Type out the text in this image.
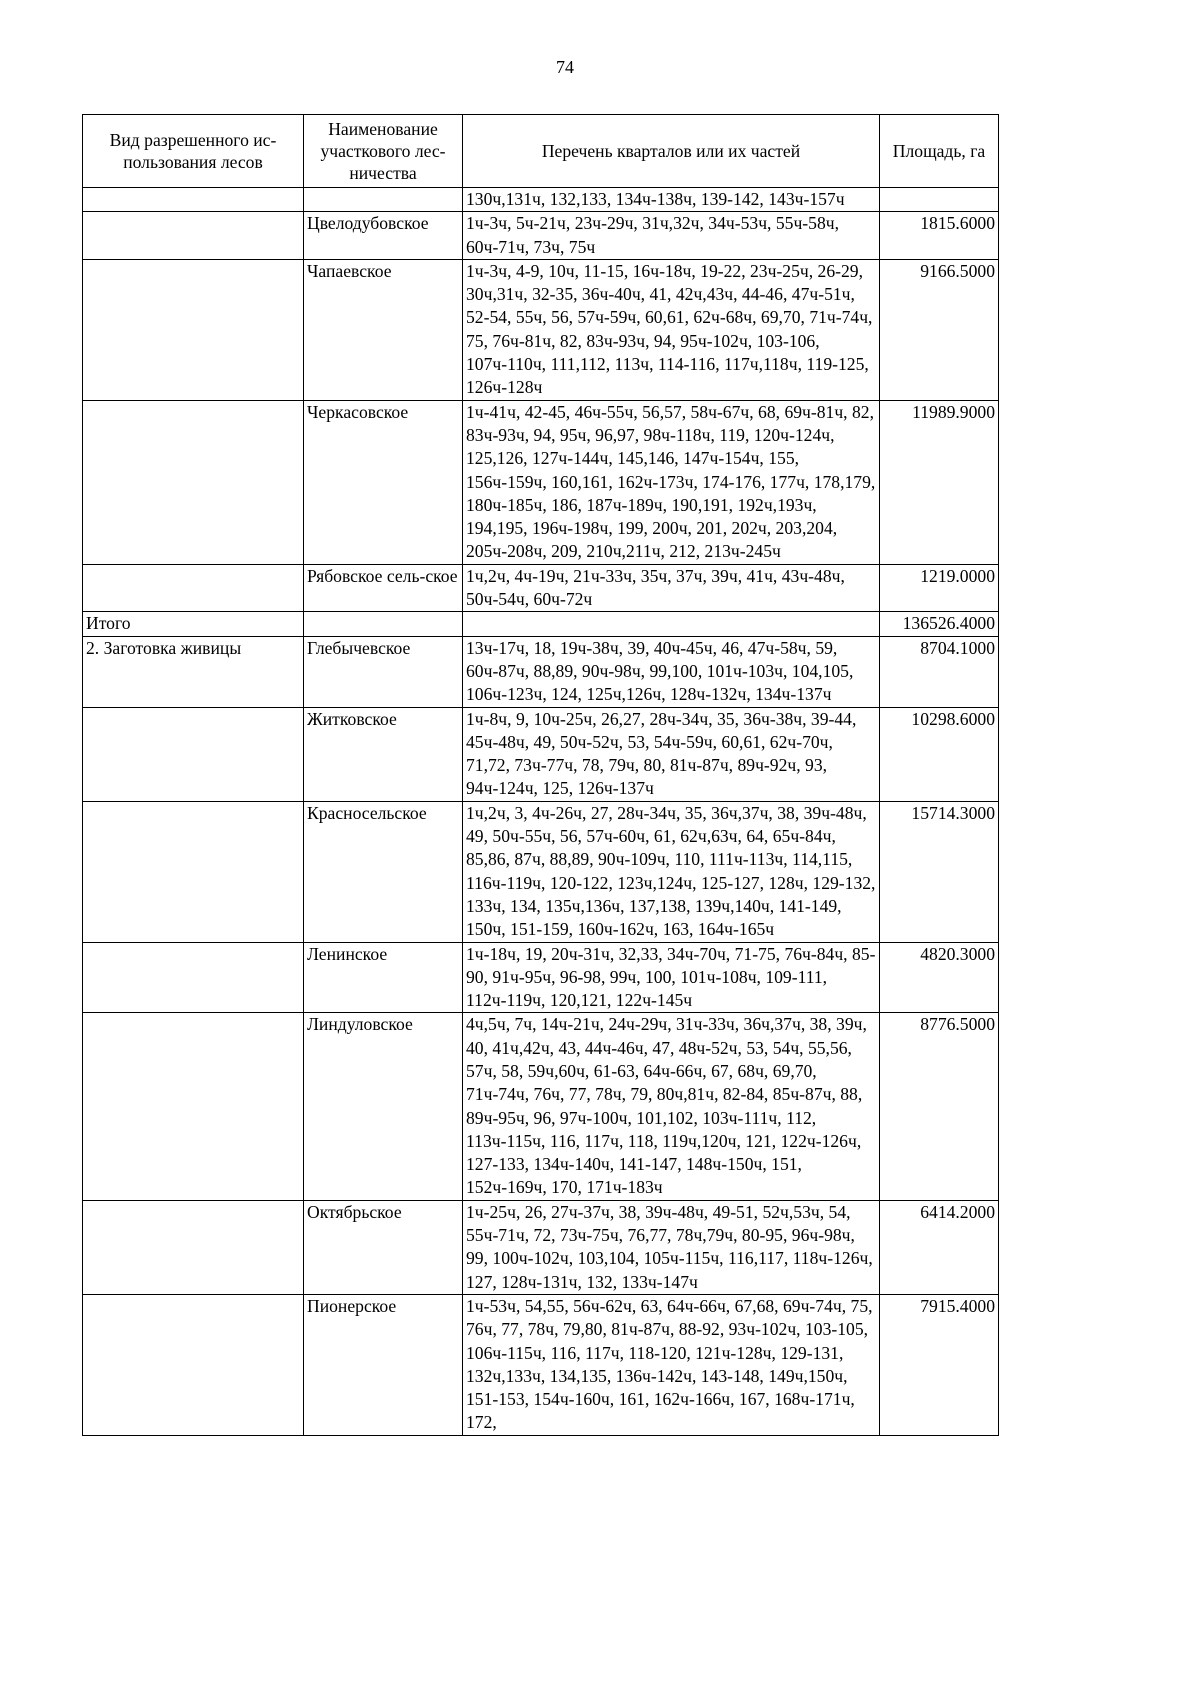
74
Вид разрешенного ис-пользования лесов	Наименование участкового лес-ничества	Перечень кварталов или их частей	Площадь, га
		130ч,131ч, 132,133, 134ч-138ч, 139-142, 143ч-157ч	
	Цвелодубовское	1ч-3ч, 5ч-21ч, 23ч-29ч, 31ч,32ч, 34ч-53ч, 55ч-58ч, 60ч-71ч, 73ч, 75ч	1815.6000
	Чапаевское	1ч-3ч, 4-9, 10ч, 11-15, 16ч-18ч, 19-22, 23ч-25ч, 26-29, 30ч,31ч, 32-35, 36ч-40ч, 41, 42ч,43ч, 44-46, 47ч-51ч, 52-54, 55ч, 56, 57ч-59ч, 60,61, 62ч-68ч, 69,70, 71ч-74ч, 75, 76ч-81ч, 82, 83ч-93ч, 94, 95ч-102ч, 103-106, 107ч-110ч, 111,112, 113ч, 114-116, 117ч,118ч, 119-125, 126ч-128ч	9166.5000
	Черкасовское	1ч-41ч, 42-45, 46ч-55ч, 56,57, 58ч-67ч, 68, 69ч-81ч, 82, 83ч-93ч, 94, 95ч, 96,97, 98ч-118ч, 119, 120ч-124ч, 125,126, 127ч-144ч, 145,146, 147ч-154ч, 155, 156ч-159ч, 160,161, 162ч-173ч, 174-176, 177ч, 178,179, 180ч-185ч, 186, 187ч-189ч, 190,191, 192ч,193ч, 194,195, 196ч-198ч, 199, 200ч, 201, 202ч, 203,204, 205ч-208ч, 209, 210ч,211ч, 212, 213ч-245ч	11989.9000
	Рябовское сель-ское	1ч,2ч, 4ч-19ч, 21ч-33ч, 35ч, 37ч, 39ч, 41ч, 43ч-48ч, 50ч-54ч, 60ч-72ч	1219.0000
Итого			136526.4000
2. Заготовка живицы	Глебычевское	13ч-17ч, 18, 19ч-38ч, 39, 40ч-45ч, 46, 47ч-58ч, 59, 60ч-87ч, 88,89, 90ч-98ч, 99,100, 101ч-103ч, 104,105, 106ч-123ч, 124, 125ч,126ч, 128ч-132ч, 134ч-137ч	8704.1000
	Житковское	1ч-8ч, 9, 10ч-25ч, 26,27, 28ч-34ч, 35, 36ч-38ч, 39-44, 45ч-48ч, 49, 50ч-52ч, 53, 54ч-59ч, 60,61, 62ч-70ч, 71,72, 73ч-77ч, 78, 79ч, 80, 81ч-87ч, 89ч-92ч, 93, 94ч-124ч, 125, 126ч-137ч	10298.6000
	Красносельское	1ч,2ч, 3, 4ч-26ч, 27, 28ч-34ч, 35, 36ч,37ч, 38, 39ч-48ч, 49, 50ч-55ч, 56, 57ч-60ч, 61, 62ч,63ч, 64, 65ч-84ч, 85,86, 87ч, 88,89, 90ч-109ч, 110, 111ч-113ч, 114,115, 116ч-119ч, 120-122, 123ч,124ч, 125-127, 128ч, 129-132, 133ч, 134, 135ч,136ч, 137,138, 139ч,140ч, 141-149, 150ч, 151-159, 160ч-162ч, 163, 164ч-165ч	15714.3000
	Ленинское	1ч-18ч, 19, 20ч-31ч, 32,33, 34ч-70ч, 71-75, 76ч-84ч, 85-90, 91ч-95ч, 96-98, 99ч, 100, 101ч-108ч, 109-111, 112ч-119ч, 120,121, 122ч-145ч	4820.3000
	Линдуловское	4ч,5ч, 7ч, 14ч-21ч, 24ч-29ч, 31ч-33ч, 36ч,37ч, 38, 39ч, 40, 41ч,42ч, 43, 44ч-46ч, 47, 48ч-52ч, 53, 54ч, 55,56, 57ч, 58, 59ч,60ч, 61-63, 64ч-66ч, 67, 68ч, 69,70, 71ч-74ч, 76ч, 77, 78ч, 79, 80ч,81ч, 82-84, 85ч-87ч, 88, 89ч-95ч, 96, 97ч-100ч, 101,102, 103ч-111ч, 112, 113ч-115ч, 116, 117ч, 118, 119ч,120ч, 121, 122ч-126ч, 127-133, 134ч-140ч, 141-147, 148ч-150ч, 151, 152ч-169ч, 170, 171ч-183ч	8776.5000
	Октябрьское	1ч-25ч, 26, 27ч-37ч, 38, 39ч-48ч, 49-51, 52ч,53ч, 54, 55ч-71ч, 72, 73ч-75ч, 76,77, 78ч,79ч, 80-95, 96ч-98ч, 99, 100ч-102ч, 103,104, 105ч-115ч, 116,117, 118ч-126ч, 127, 128ч-131ч, 132, 133ч-147ч	6414.2000
	Пионерское	1ч-53ч, 54,55, 56ч-62ч, 63, 64ч-66ч, 67,68, 69ч-74ч, 75, 76ч, 77, 78ч, 79,80, 81ч-87ч, 88-92, 93ч-102ч, 103-105, 106ч-115ч, 116, 117ч, 118-120, 121ч-128ч, 129-131, 132ч,133ч, 134,135, 136ч-142ч, 143-148, 149ч,150ч, 151-153, 154ч-160ч, 161, 162ч-166ч, 167, 168ч-171ч, 172,	7915.4000
